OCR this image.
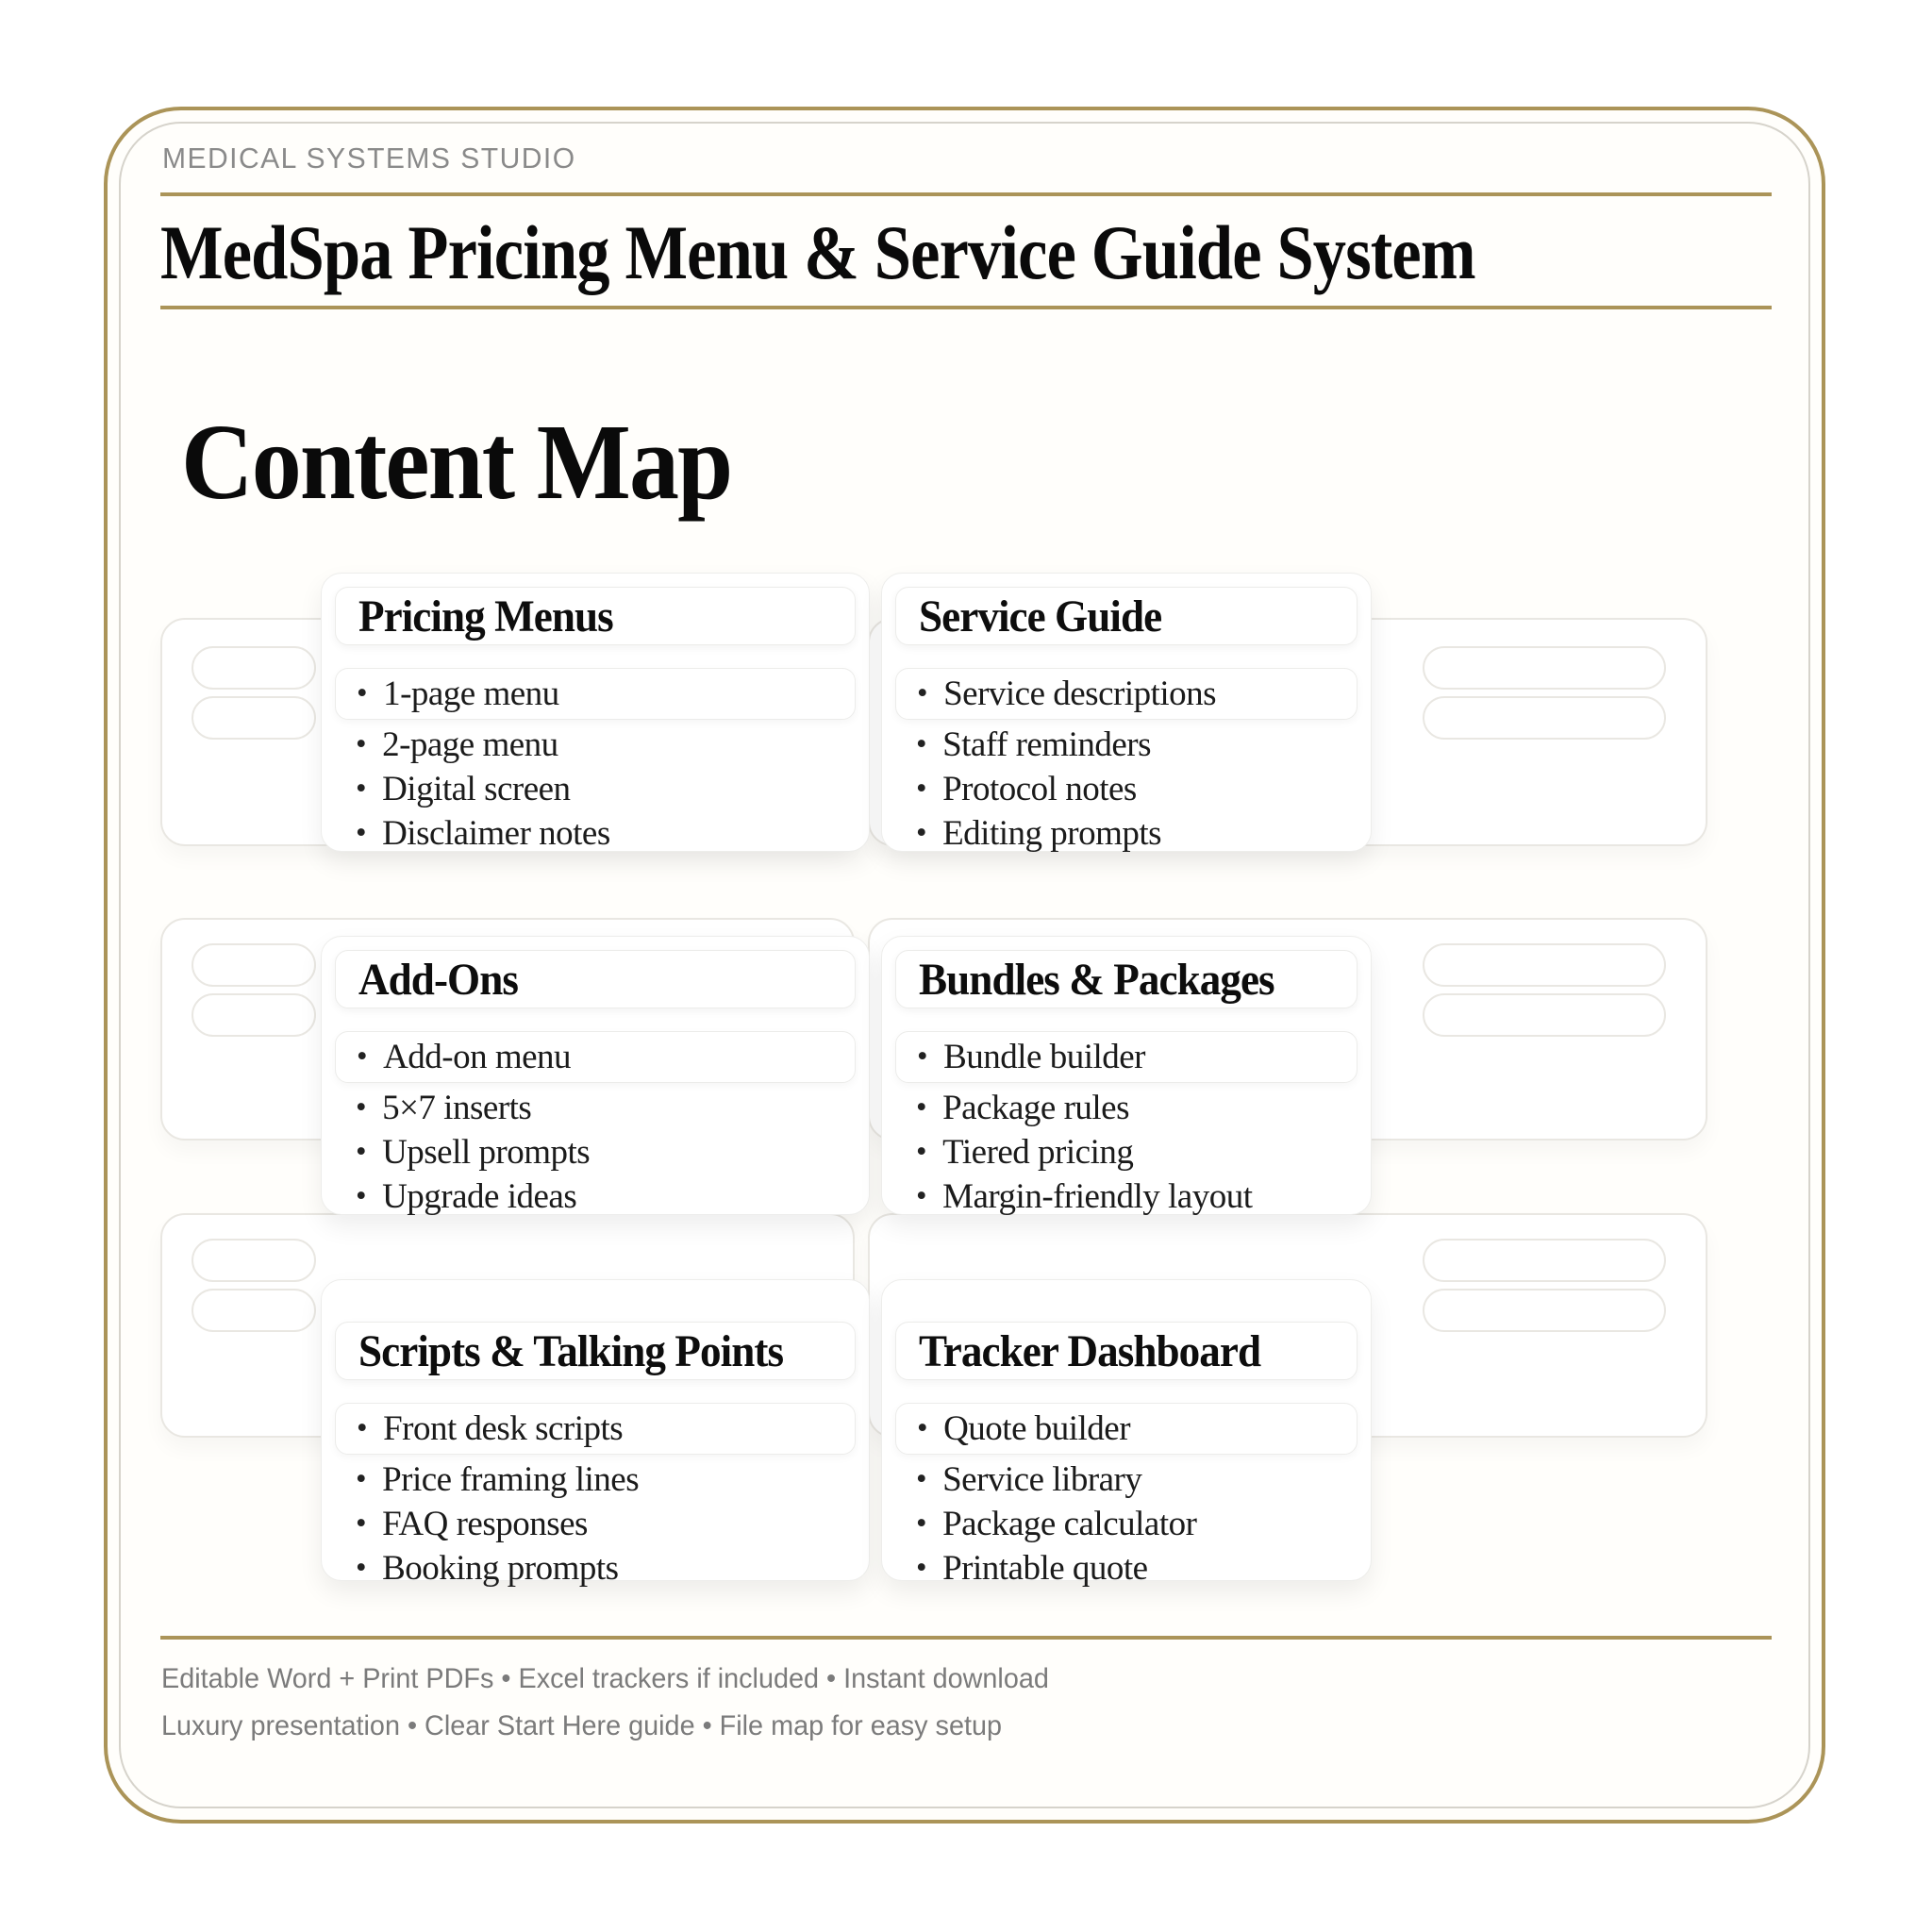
MEDICAL SYSTEMS STUDIO
MedSpa Pricing Menu & Service Guide System
Content Map
Pricing Menus
• 1-page menu
• 2-page menu
• Digital screen
• Disclaimer notes
Service Guide
• Service descriptions
• Staff reminders
• Protocol notes
• Editing prompts
Add-Ons
• Add-on menu
• 5×7 inserts
• Upsell prompts
• Upgrade ideas
Bundles & Packages
• Bundle builder
• Package rules
• Tiered pricing
• Margin-friendly layout
Scripts & Talking Points
• Front desk scripts
• Price framing lines
• FAQ responses
• Booking prompts
Tracker Dashboard
• Quote builder
• Service library
• Package calculator
• Printable quote
Editable Word + Print PDFs • Excel trackers if included • Instant download
Luxury presentation • Clear Start Here guide • File map for easy setup
